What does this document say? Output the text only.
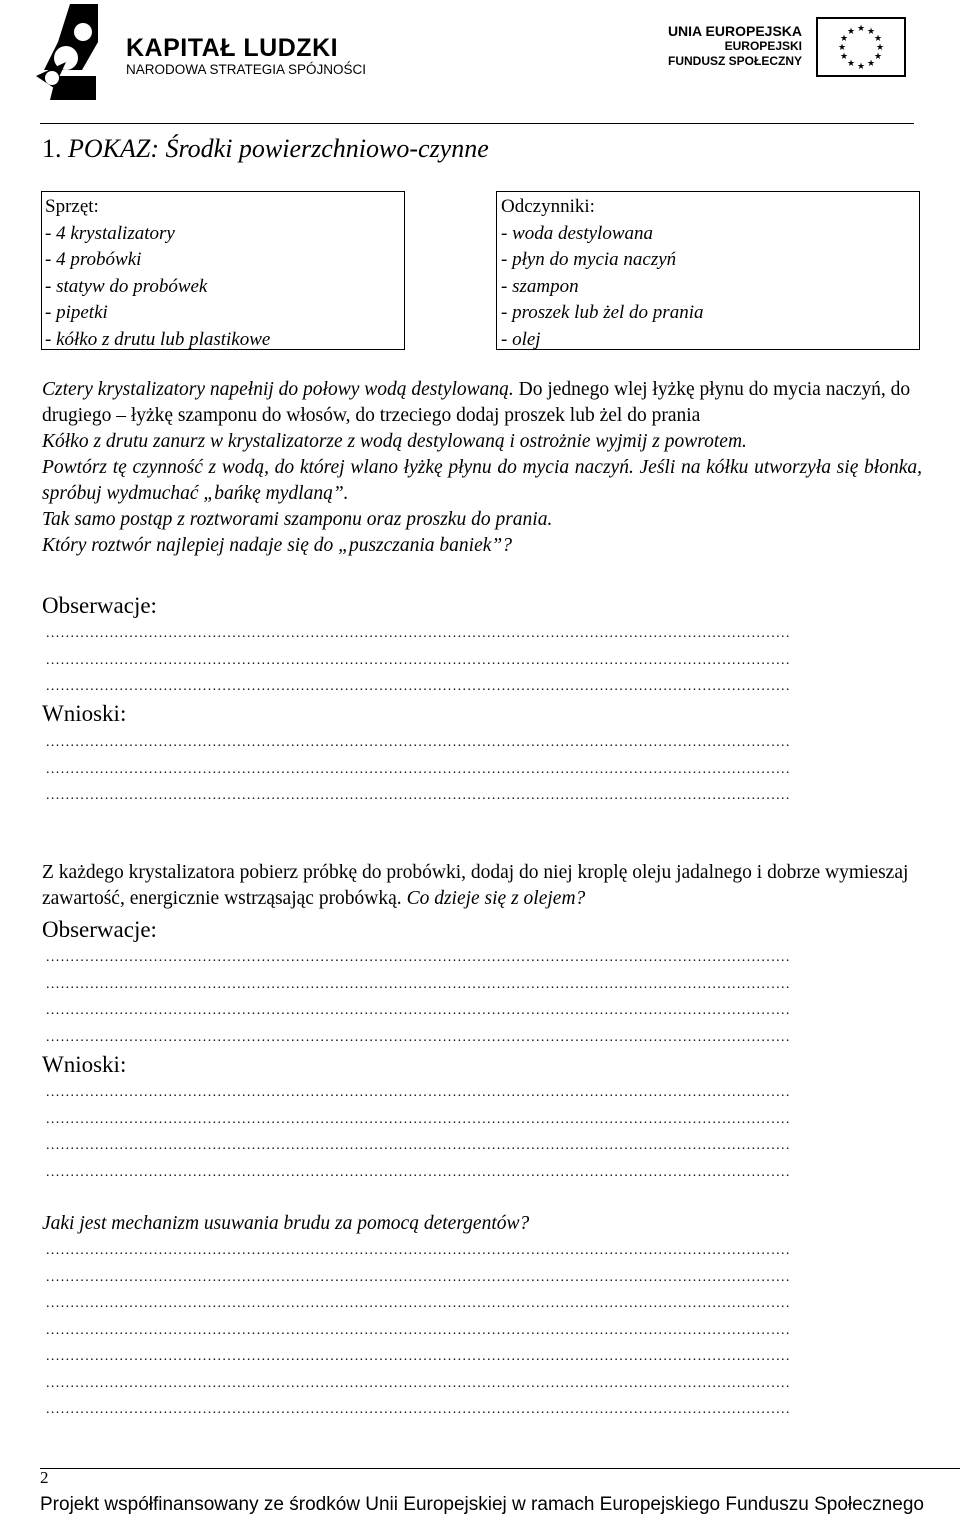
KAPITAŁ LUDZKI
NARODOWA STRATEGIA SPÓJNOŚCI
UNIA EUROPEJSKA
EUROPEJSKI
FUNDUSZ SPOŁECZNY
★ ★
★
★
★
★
★
★
★
★
★
★
1. POKAZ: Środki powierzchniowo-czynne
Sprzęt:
- 4 krystalizatory
- 4 probówki
- statyw do probówek
- pipetki
- kółko z drutu lub plastikowe
Odczynniki:
- woda destylowana
- płyn do mycia naczyń
- szampon
- proszek lub żel do prania
- olej
Cztery krystalizatory napełnij do połowy wodą destylowaną. Do jednego wlej łyżkę płynu do mycia naczyń, do drugiego – łyżkę szamponu do włosów, do trzeciego dodaj proszek lub żel do prania
Kółko z drutu zanurz w krystalizatorze z wodą destylowaną i ostrożnie wyjmij z powrotem.
Powtórz tę czynność z wodą, do której wlano łyżkę płynu do mycia naczyń. Jeśli na kółku utworzyła się błonka, spróbuj wydmuchać „bańkę mydlaną”.
Tak samo postąp z roztworami szamponu oraz proszku do prania.
Który roztwór najlepiej nadaje się do „puszczania baniek”?
Obserwacje:
........................................................................................................................................................
........................................................................................................................................................
........................................................................................................................................................
Wnioski:
........................................................................................................................................................
........................................................................................................................................................
........................................................................................................................................................
Z każdego krystalizatora pobierz próbkę do probówki, dodaj do niej kroplę oleju jadalnego i dobrze wymieszaj zawartość, energicznie wstrząsając probówką. Co dzieje się z olejem?
Obserwacje:
........................................................................................................................................................
........................................................................................................................................................
........................................................................................................................................................
........................................................................................................................................................
Wnioski:
........................................................................................................................................................
........................................................................................................................................................
........................................................................................................................................................
........................................................................................................................................................
Jaki jest mechanizm usuwania brudu za pomocą detergentów?
........................................................................................................................................................
........................................................................................................................................................
........................................................................................................................................................
........................................................................................................................................................
........................................................................................................................................................
........................................................................................................................................................
........................................................................................................................................................
2
Projekt współfinansowany ze środków Unii Europejskiej w ramach Europejskiego Funduszu Społecznego
